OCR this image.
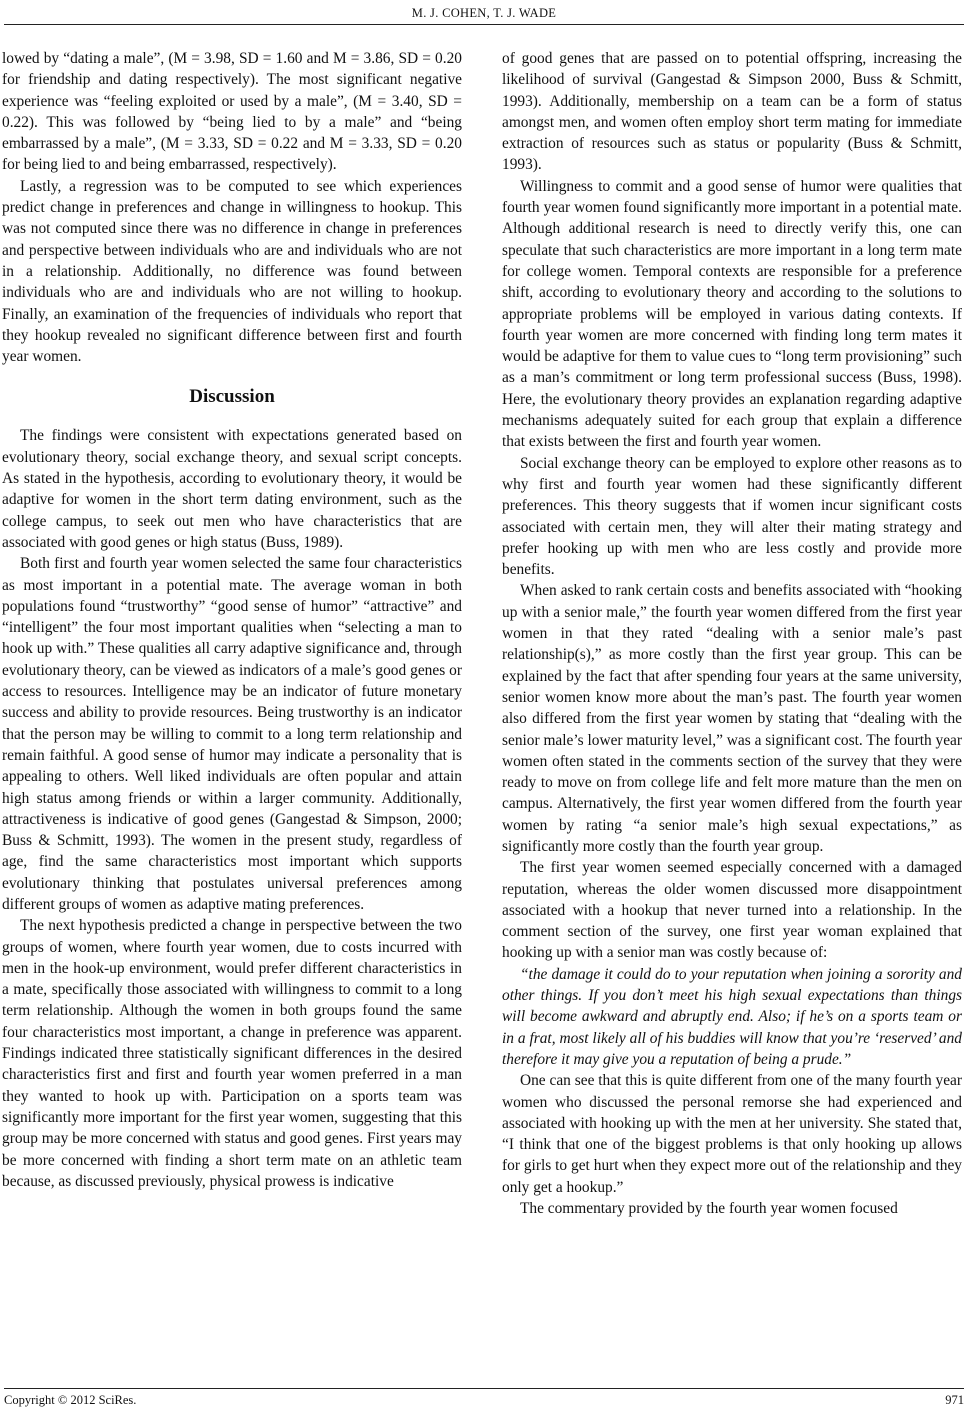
M. J. COHEN, T. J. WADE

lowed by “dating a male”, (M = 3.98, SD = 1.60 and M = 3.86, SD = 0.20 for friendship and dating respectively). The most significant negative experience was “feeling exploited or used by a male”, (M = 3.40, SD = 0.22). This was followed by “being lied to by a male” and “being embarrassed by a male”, (M = 3.33, SD = 0.22 and M = 3.33, SD = 0.20 for being lied to and being embarrassed, respectively).

Lastly, a regression was to be computed to see which experiences predict change in preferences and change in willingness to hookup. This was not computed since there was no difference in change in preferences and perspective between individuals who are and individuals who are not in a relationship. Additionally, no difference was found between individuals who are and individuals who are not willing to hookup. Finally, an examination of the frequencies of individuals who report that they hookup revealed no significant difference between first and fourth year women.

Discussion

The findings were consistent with expectations generated based on evolutionary theory, social exchange theory, and sexual script concepts. As stated in the hypothesis, according to evolutionary theory, it would be adaptive for women in the short term dating environment, such as the college campus, to seek out men who have characteristics that are associated with good genes or high status (Buss, 1989).

Both first and fourth year women selected the same four characteristics as most important in a potential mate. The average woman in both populations found “trustworthy” “good sense of humor” “attractive” and “intelligent” the four most important qualities when “selecting a man to hook up with.” These qualities all carry adaptive significance and, through evolutionary theory, can be viewed as indicators of a male’s good genes or access to resources. Intelligence may be an indicator of future monetary success and ability to provide resources. Being trustworthy is an indicator that the person may be willing to commit to a long term relationship and remain faithful. A good sense of humor may indicate a personality that is appealing to others. Well liked individuals are often popular and attain high status among friends or within a larger community. Additionally, attractiveness is indicative of good genes (Gangestad & Simpson, 2000; Buss & Schmitt, 1993). The women in the present study, regardless of age, find the same characteristics most important which supports evolutionary thinking that postulates universal preferences among different groups of women as adaptive mating preferences.

The next hypothesis predicted a change in perspective between the two groups of women, where fourth year women, due to costs incurred with men in the hook-up environment, would prefer different characteristics in a mate, specifically those associated with willingness to commit to a long term relationship. Although the women in both groups found the same four characteristics most important, a change in preference was apparent. Findings indicated three statistically significant differences in the desired characteristics first and first and fourth year women preferred in a man they wanted to hook up with. Participation on a sports team was significantly more important for the first year women, suggesting that this group may be more concerned with status and good genes. First years may be more concerned with finding a short term mate on an athletic team because, as discussed previously, physical prowess is indicative

of good genes that are passed on to potential offspring, increasing the likelihood of survival (Gangestad & Simpson 2000, Buss & Schmitt, 1993). Additionally, membership on a team can be a form of status amongst men, and women often employ short term mating for immediate extraction of resources such as status or popularity (Buss & Schmitt, 1993).

Willingness to commit and a good sense of humor were qualities that fourth year women found significantly more important in a potential mate. Although additional research is need to directly verify this, one can speculate that such characteristics are more important in a long term mate for college women. Temporal contexts are responsible for a preference shift, according to evolutionary theory and according to the solutions to appropriate problems will be employed in various dating contexts. If fourth year women are more concerned with finding long term mates it would be adaptive for them to value cues to “long term provisioning” such as a man’s commitment or long term professional success (Buss, 1998). Here, the evolutionary theory provides an explanation regarding adaptive mechanisms adequately suited for each group that explain a difference that exists between the first and fourth year women.

Social exchange theory can be employed to explore other reasons as to why first and fourth year women had these significantly different preferences. This theory suggests that if women incur significant costs associated with certain men, they will alter their mating strategy and prefer hooking up with men who are less costly and provide more benefits.

When asked to rank certain costs and benefits associated with “hooking up with a senior male,” the fourth year women differed from the first year women in that they rated “dealing with a senior male’s past relationship(s),” as more costly than the first year group. This can be explained by the fact that after spending four years at the same university, senior women know more about the man’s past. The fourth year women also differed from the first year women by stating that “dealing with the senior male’s lower maturity level,” was a significant cost. The fourth year women often stated in the comments section of the survey that they were ready to move on from college life and felt more mature than the men on campus. Alternatively, the first year women differed from the fourth year women by rating “a senior male’s high sexual expectations,” as significantly more costly than the fourth year group.

The first year women seemed especially concerned with a damaged reputation, whereas the older women discussed more disappointment associated with a hookup that never turned into a relationship. In the comment section of the survey, one first year woman explained that hooking up with a senior man was costly because of:

“the damage it could do to your reputation when joining a sorority and other things. If you don’t meet his high sexual expectations than things will become awkward and abruptly end. Also; if he’s on a sports team or in a frat, most likely all of his buddies will know that you’re ‘reserved’ and therefore it may give you a reputation of being a prude.”

One can see that this is quite different from one of the many fourth year women who discussed the personal remorse she had experienced and associated with hooking up with the men at her university. She stated that, “I think that one of the biggest problems is that only hooking up allows for girls to get hurt when they expect more out of the relationship and they only get a hookup.”

The commentary provided by the fourth year women focused

Copyright © 2012 SciRes.	971
